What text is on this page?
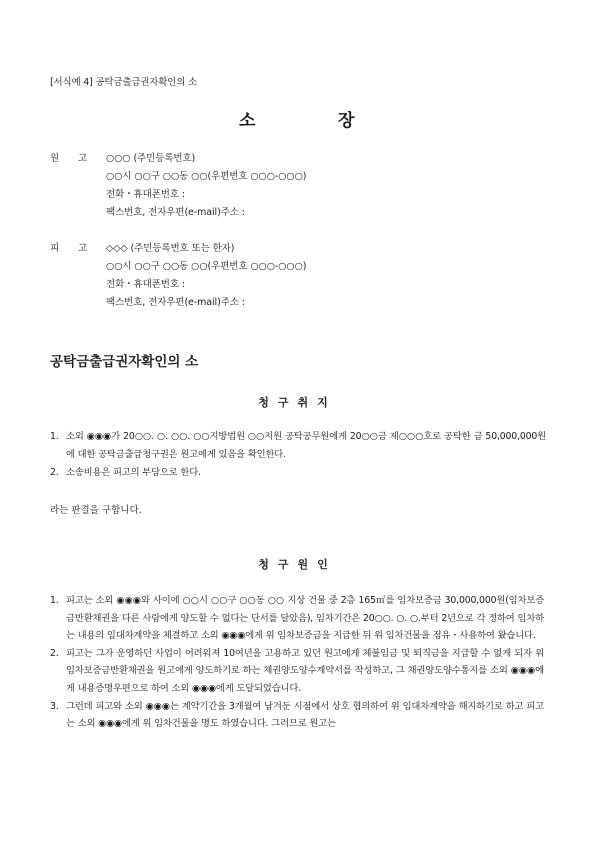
[서식예 4] 공탁금출급권자확인의 소
소	장
원 고 ○○○ (주민등록번호)
○○시 ○○구 ○○동 ○○(우편번호 ○○○-○○○)
전화・휴대폰번호 :
팩스번호, 전자우편(e-mail)주소 :
피 고 ◇◇◇ (주민등록번호 또는 한자)
○○시 ○○구 ○○동 ○○(우편번호 ○○○-○○○)
전화・휴대폰번호 :
팩스번호, 전자우편(e-mail)주소 :
공탁금출급권자확인의 소
청구취지
1. 소외 ◉◉◉가 20○○. ○. ○○. ○○지방법원 ○○지원 공탁공무원에게 20○○금 제○○○호로 공탁한 금 50,000,000원에 대한 공탁금출급청구권은 원고에게 있음을 확인한다.
2. 소송비용은 피고의 부담으로 한다.
라는 판결을 구합니다.
청구원인
1. 피고는 소외 ◉◉◉와 사이에 ○○시 ○○구 ○○동 ○○ 지상 건물 중 2층 165㎡를 임차보증금 30,000,000원(임차보증금반환채권을 다른 사람에게 양도할 수 없다는 단서를 달았음), 임차기간은 20○○. ○. ○.부터 2년으로 각 정하여 임차하는 내용의 임대차계약을 체결하고 소외 ◉◉◉에게 위 임차보증금을 지급한 뒤 위 임차건물을 점유・사용하여 왔습니다.
2. 피고는 그가 운영하던 사업이 어려워져 10여년을 고용하고 있던 원고에게 체불임금 및 퇴직금을 지급할 수 없게 되자 위 임차보증금반환채권을 원고에게 양도하기로 하는 채권양도양수계약서를 작성하고, 그 채권양도양수통지를 소외 ◉◉◉에게 내용증명우편으로 하여 소외 ◉◉◉에게 도달되었습니다.
3. 그런데 피고와 소외 ◉◉◉는 계약기간을 3개월여 남겨둔 시점에서 상호 협의하여 위 임대차계약을 해지하기로 하고 피고는 소외 ◉◉◉에게 위 임차건물을 명도 하였습니다. 그러므로 원고는
